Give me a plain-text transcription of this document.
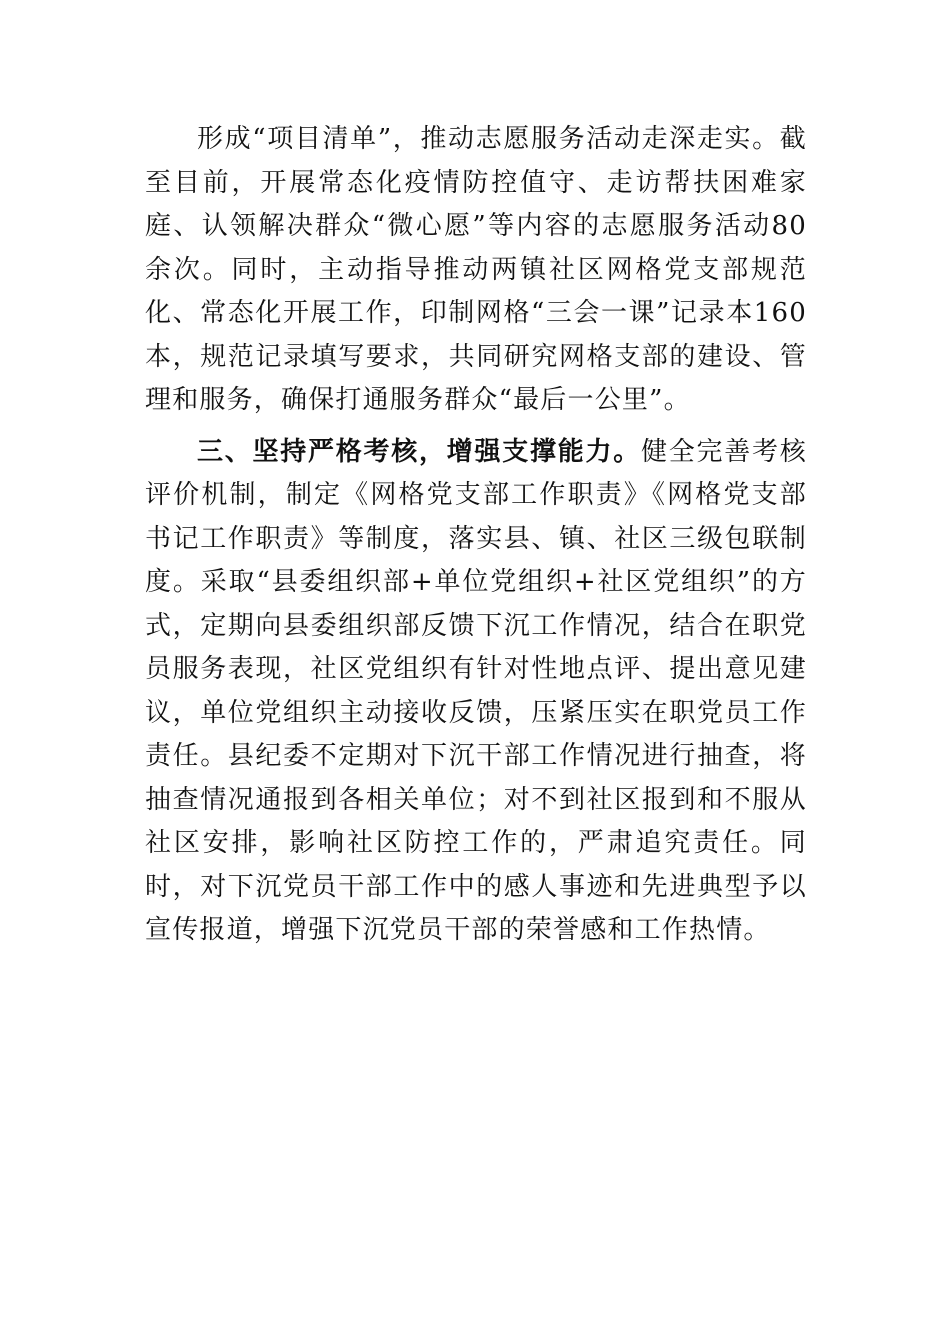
形成“项目清单”，推动志愿服务活动走深走实。截至目前，开展常态化疫情防控值守、走访帮扶困难家庭、认领解决群众“微心愿”等内容的志愿服务活动80余次。同时，主动指导推动两镇社区网格党支部规范化、常态化开展工作，印制网格“三会一课”记录本160本，规范记录填写要求，共同研究网格支部的建设、管理和服务，确保打通服务群众“最后一公里”。

三、坚持严格考核，增强支撑能力。健全完善考核评价机制，制定《网格党支部工作职责》《网格党支部书记工作职责》等制度，落实县、镇、社区三级包联制度。采取“县委组织部+单位党组织+社区党组织”的方式，定期向县委组织部反馈下沉工作情况，结合在职党员服务表现，社区党组织有针对性地点评、提出意见建议，单位党组织主动接收反馈，压紧压实在职党员工作责任。县纪委不定期对下沉干部工作情况进行抽查，将抽查情况通报到各相关单位；对不到社区报到和不服从社区安排，影响社区防控工作的，严肃追究责任。同时，对下沉党员干部工作中的感人事迹和先进典型予以宣传报道，增强下沉党员干部的荣誉感和工作热情。
